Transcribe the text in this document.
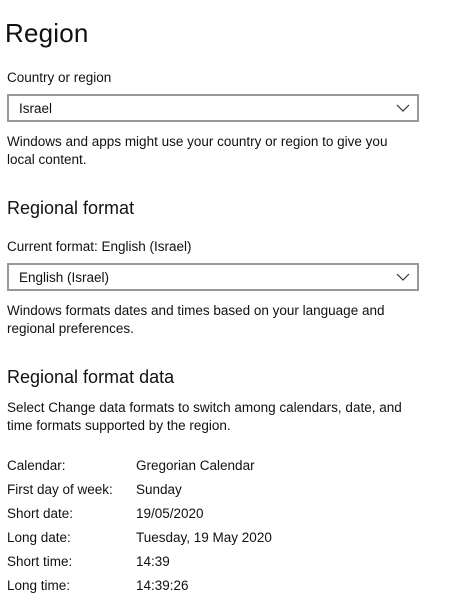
Region
Country or region
Israel
Windows and apps might use your country or region to give you local content.
Regional format
Current format: English (Israel)
English (Israel)
Windows formats dates and times based on your language and regional preferences.
Regional format data
Select Change data formats to switch among calendars, date, and time formats supported by the region.
Calendar:	Gregorian Calendar
First day of week: Sunday
Short date:	19/05/2020
Long date:	Tuesday, 19 May 2020
Short time:	14:39
Long time:	14:39:26
